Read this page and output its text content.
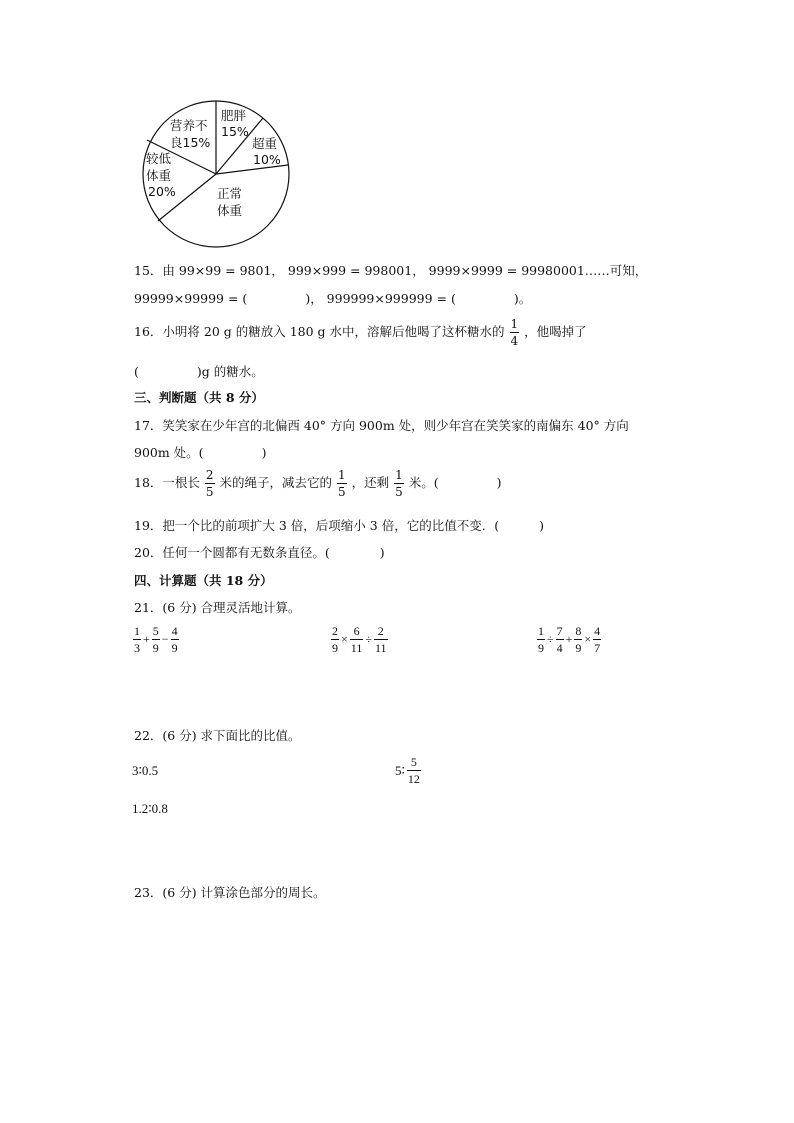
营养不
良15%
肥胖
15%
超重
10%
较低
体重
20%	正常
体重
15．由 99×99 = 9801， 999×999 = 998001， 9999×9999 = 99980001……可知，
99999×99999 = (	)， 999999×999999 = (	)。
16．小明将 20 g 的糖放入 180 g 水中，溶解后他喝了这杯糖水的 $\frac{1}{4}$ ，他喝掉了
(	)g 的糖水。
三、判断题（共 8 分）
17．笑笑家在少年宫的北偏西 40° 方向 900m 处，则少年宫在笑笑家的南偏东 40° 方向
900m 处。(	)
18．一根长 $\frac{2}{5}$ 米的绳子，减去它的 $\frac{1}{5}$ ，还剩 $\frac{1}{5}$ 米。(	)
19．把一个比的前项扩大 3 倍，后项缩小 3 倍，它的比值不变．(	)
20．任何一个圆都有无数条直径。(	)
四、计算题（共 18 分）
21．(6 分) 合理灵活地计算。
$\frac{1}{3} + \frac{5}{9} - \frac{4}{9}$	$\frac{2}{9} \times \frac{6}{11} \div \frac{2}{11}$	$\frac{1}{9} \div \frac{7}{4} + \frac{8}{9} \times \frac{4}{7}$
22．(6 分) 求下面比的比值。
3∶0.5	5∶ $\frac{5}{12}$
1.2∶0.8
23．(6 分) 计算涂色部分的周长。
